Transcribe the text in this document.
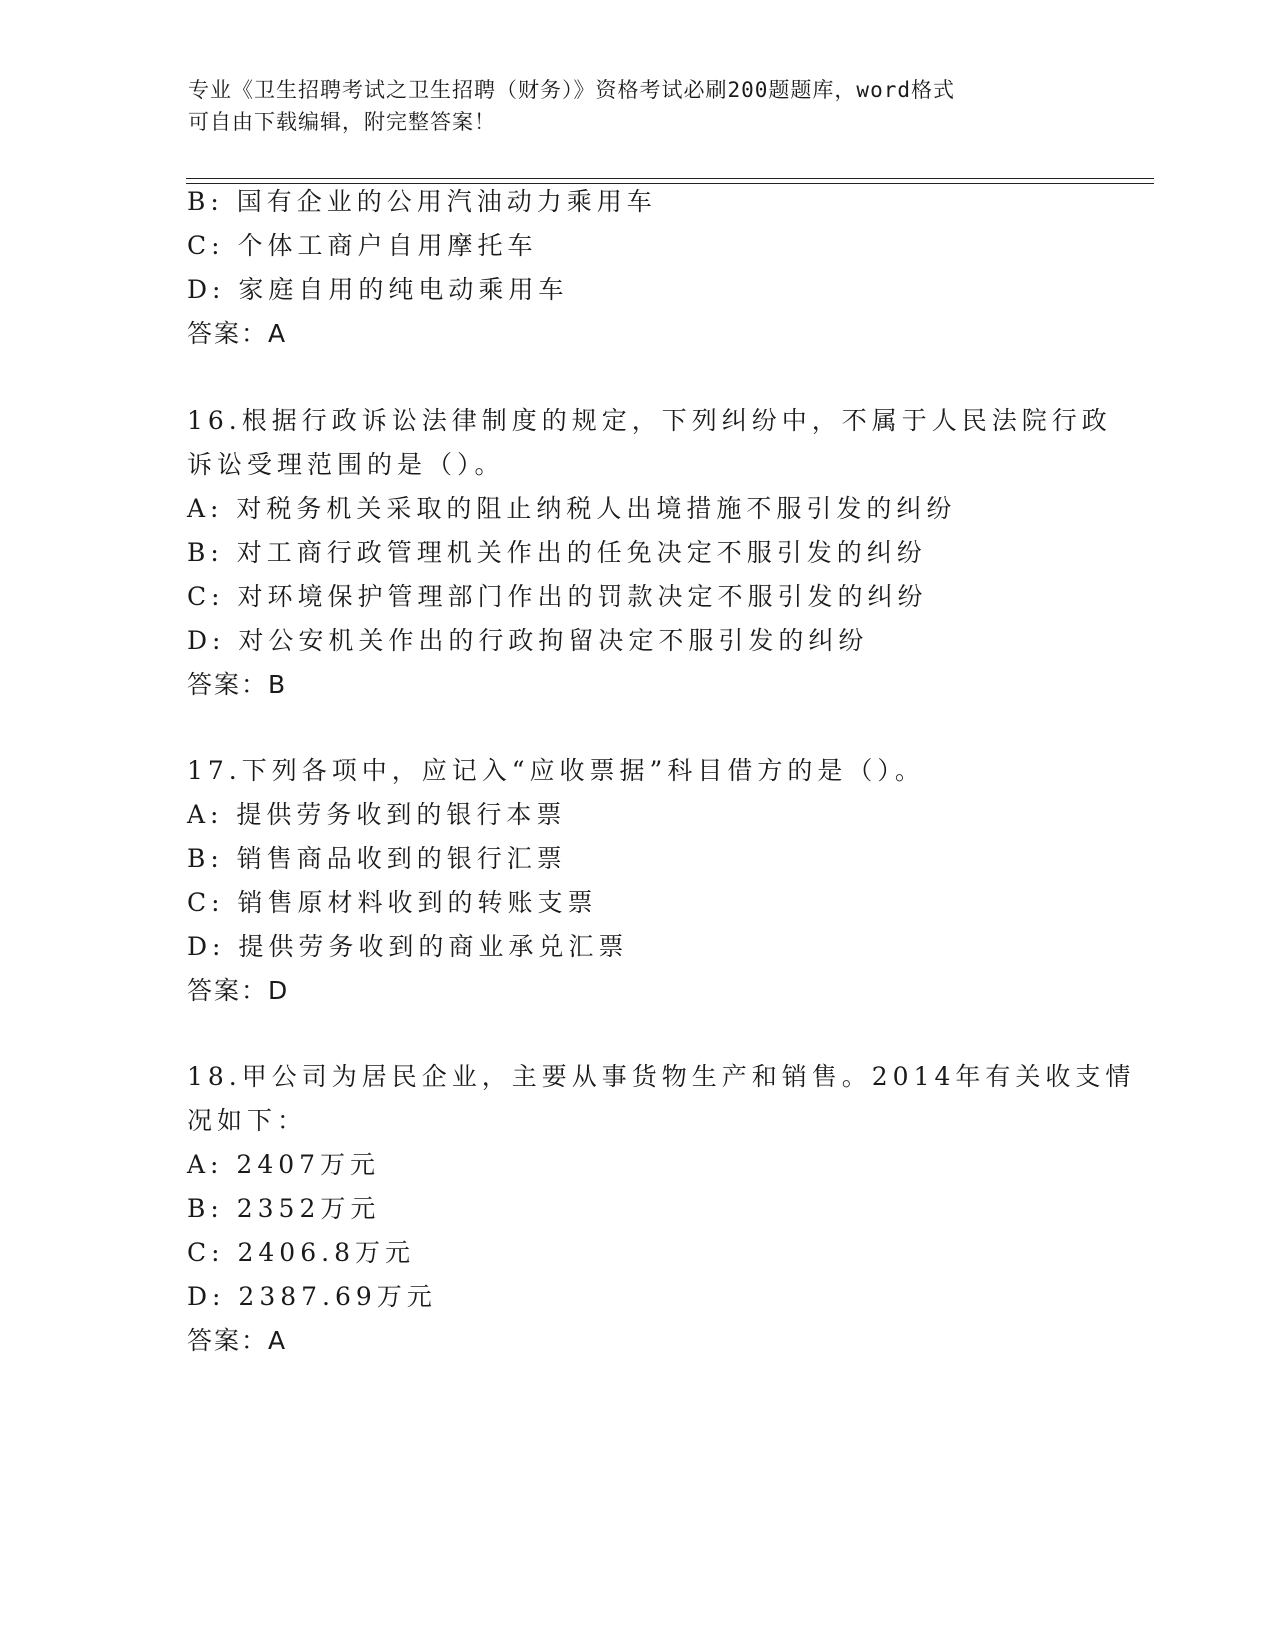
专业《卫生招聘考试之卫生招聘（财务）》资格考试必刷200题题库，word格式
可自由下载编辑，附完整答案！
B: 国有企业的公用汽油动力乘用车
C: 个体工商户自用摩托车
D: 家庭自用的纯电动乘用车
答案：A
16.根据行政诉讼法律制度的规定，下列纠纷中，不属于人民法院行政
诉讼受理范围的是（）。
A: 对税务机关采取的阻止纳税人出境措施不服引发的纠纷
B: 对工商行政管理机关作出的任免决定不服引发的纠纷
C: 对环境保护管理部门作出的罚款决定不服引发的纠纷
D: 对公安机关作出的行政拘留决定不服引发的纠纷
答案：B
17.下列各项中，应记入“应收票据”科目借方的是（）。
A: 提供劳务收到的银行本票
B: 销售商品收到的银行汇票
C: 销售原材料收到的转账支票
D: 提供劳务收到的商业承兑汇票
答案：D
18.甲公司为居民企业，主要从事货物生产和销售。2014年有关收支情
况如下：
A: 2407万元
B: 2352万元
C: 2406.8万元
D: 2387.69万元
答案：A
